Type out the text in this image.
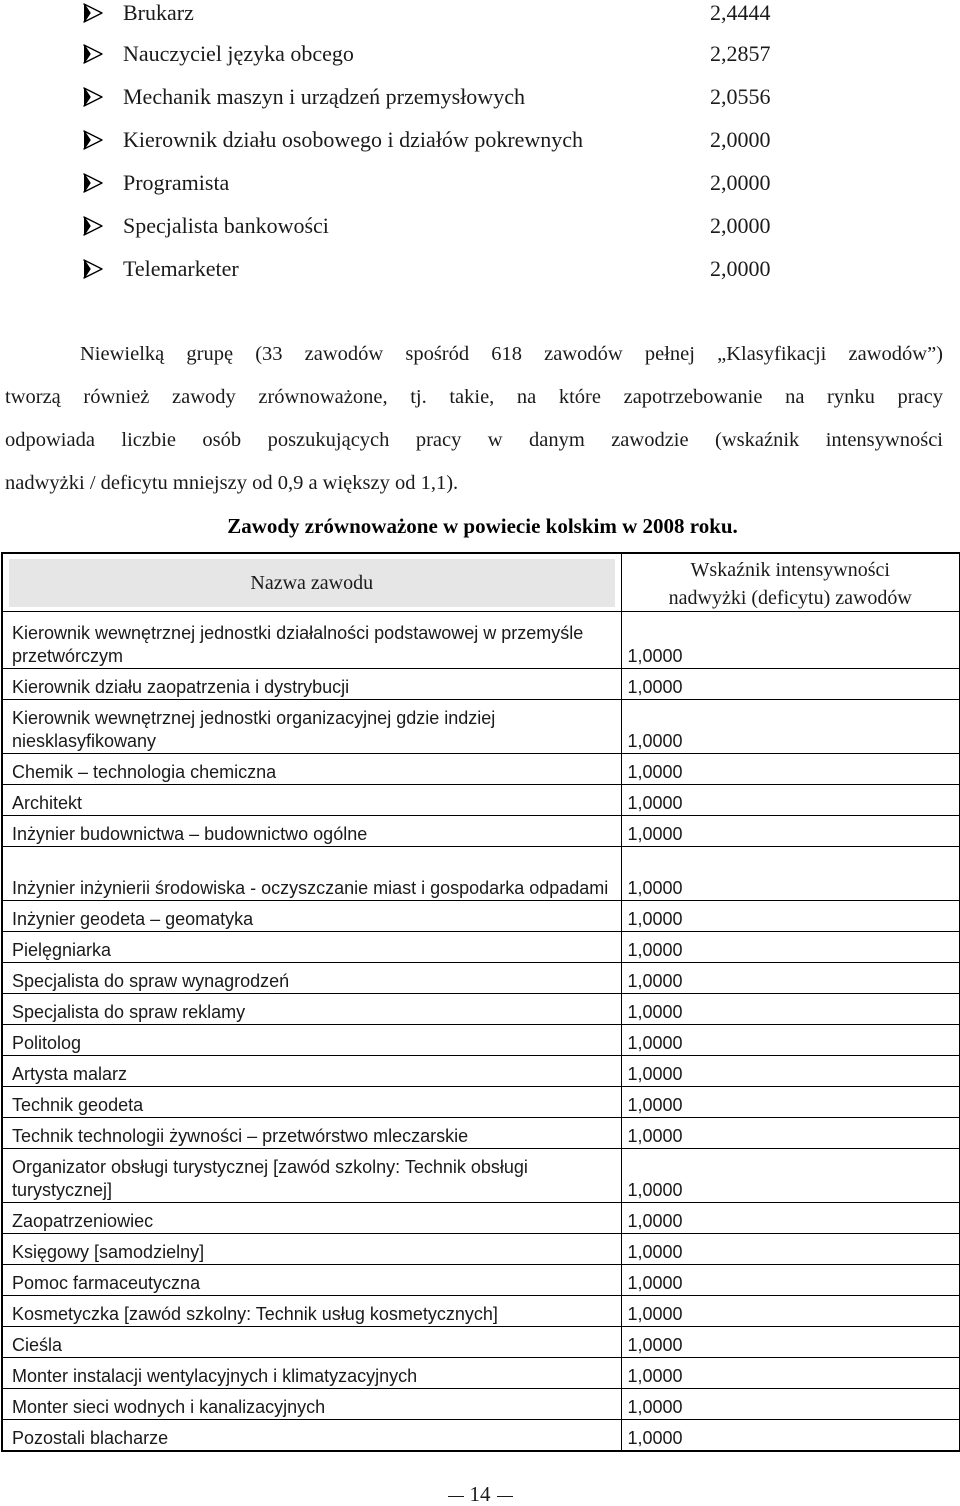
Brukarz	2,4444
Nauczyciel języka obcego	2,2857
Mechanik maszyn i urządzeń przemysłowych	2,0556
Kierownik działu osobowego i działów pokrewnych	2,0000
Programista	2,0000
Specjalista bankowości	2,0000
Telemarketer	2,0000
Niewielką grupę (33 zawodów spośród 618 zawodów pełnej „Klasyfikacji zawodów”)
tworzą również zawody zrównoważone, tj. takie, na które zapotrzebowanie na rynku pracy
odpowiada liczbie osób poszukujących pracy w danym zawodzie (wskaźnik intensywności
nadwyżki / deficytu mniejszy od 0,9 a większy od 1,1).

Zawody zrównoważone w powiecie kolskim w 2008 roku.

Nazwa zawodu	Wskaźnik intensywności
nadwyżki (deficytu) zawodów

Kierownik wewnętrznej jednostki działalności podstawowej w przemyśle przetwórczym	1,0000
Kierownik działu zaopatrzenia i dystrybucji	1,0000
Kierownik wewnętrznej jednostki organizacyjnej gdzie indziej niesklasyfikowany	1,0000
Chemik – technologia chemiczna	1,0000
Architekt	1,0000
Inżynier budownictwa – budownictwo ogólne	1,0000
Inżynier inżynierii środowiska - oczyszczanie miast i gospodarka odpadami	1,0000
Inżynier geodeta – geomatyka	1,0000
Pielęgniarka	1,0000
Specjalista do spraw wynagrodzeń	1,0000
Specjalista do spraw reklamy	1,0000
Politolog	1,0000
Artysta malarz	1,0000
Technik geodeta	1,0000
Technik technologii żywności – przetwórstwo mleczarskie	1,0000
Organizator obsługi turystycznej [zawód szkolny: Technik obsługi turystycznej]	1,0000
Zaopatrzeniowiec	1,0000
Księgowy [samodzielny]	1,0000
Pomoc farmaceutyczna	1,0000
Kosmetyczka [zawód szkolny: Technik usług kosmetycznych]	1,0000
Cieśla	1,0000
Monter instalacji wentylacyjnych i klimatyzacyjnych	1,0000
Monter sieci wodnych i kanalizacyjnych	1,0000
Pozostali blacharze	1,0000

14
